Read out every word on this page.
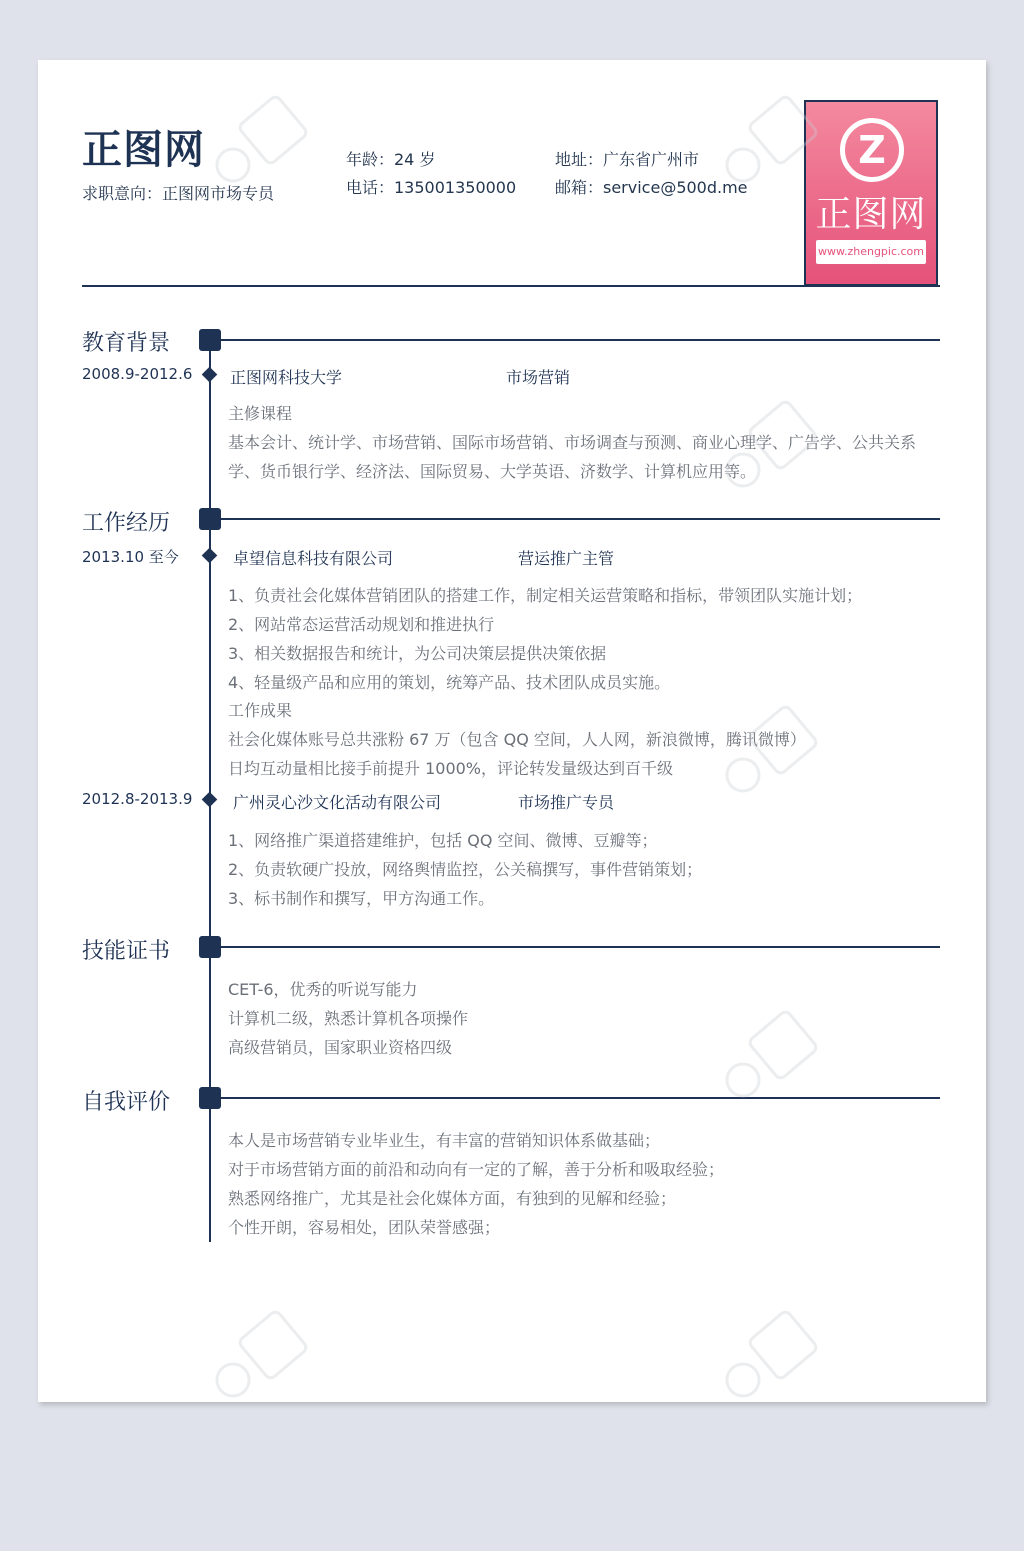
正图网
求职意向：正图网市场专员
年龄：24 岁
电话：135001350000
地址：广东省广州市
邮箱：service@500d.me
Z
正图网
www.zhengpic.com
教育背景
2008.9-2012.6 正图网科技大学	市场营销
主修课程
基本会计、统计学、市场营销、国际市场营销、市场调查与预测、商业心理学、广告学、公共关系
学、货币银行学、经济法、国际贸易、大学英语、济数学、计算机应用等。
工作经历
2013.10 至今	卓望信息科技有限公司	营运推广主管
1、负责社会化媒体营销团队的搭建工作，制定相关运营策略和指标，带领团队实施计划；
2、网站常态运营活动规划和推进执行
3、相关数据报告和统计，为公司决策层提供决策依据
4、轻量级产品和应用的策划，统筹产品、技术团队成员实施。
工作成果
社会化媒体账号总共涨粉 67 万（包含 QQ 空间，人人网，新浪微博，腾讯微博）
日均互动量相比接手前提升 1000%，评论转发量级达到百千级
2012.8-2013.9	广州灵心沙文化活动有限公司	市场推广专员
1、网络推广渠道搭建维护，包括 QQ 空间、微博、豆瓣等；
2、负责软硬广投放，网络舆情监控，公关稿撰写，事件营销策划；
3、标书制作和撰写，甲方沟通工作。
技能证书
CET-6，优秀的听说写能力
计算机二级，熟悉计算机各项操作
高级营销员，国家职业资格四级
自我评价
本人是市场营销专业毕业生，有丰富的营销知识体系做基础；
对于市场营销方面的前沿和动向有一定的了解，善于分析和吸取经验；
熟悉网络推广，尤其是社会化媒体方面，有独到的见解和经验；
个性开朗，容易相处，团队荣誉感强；
